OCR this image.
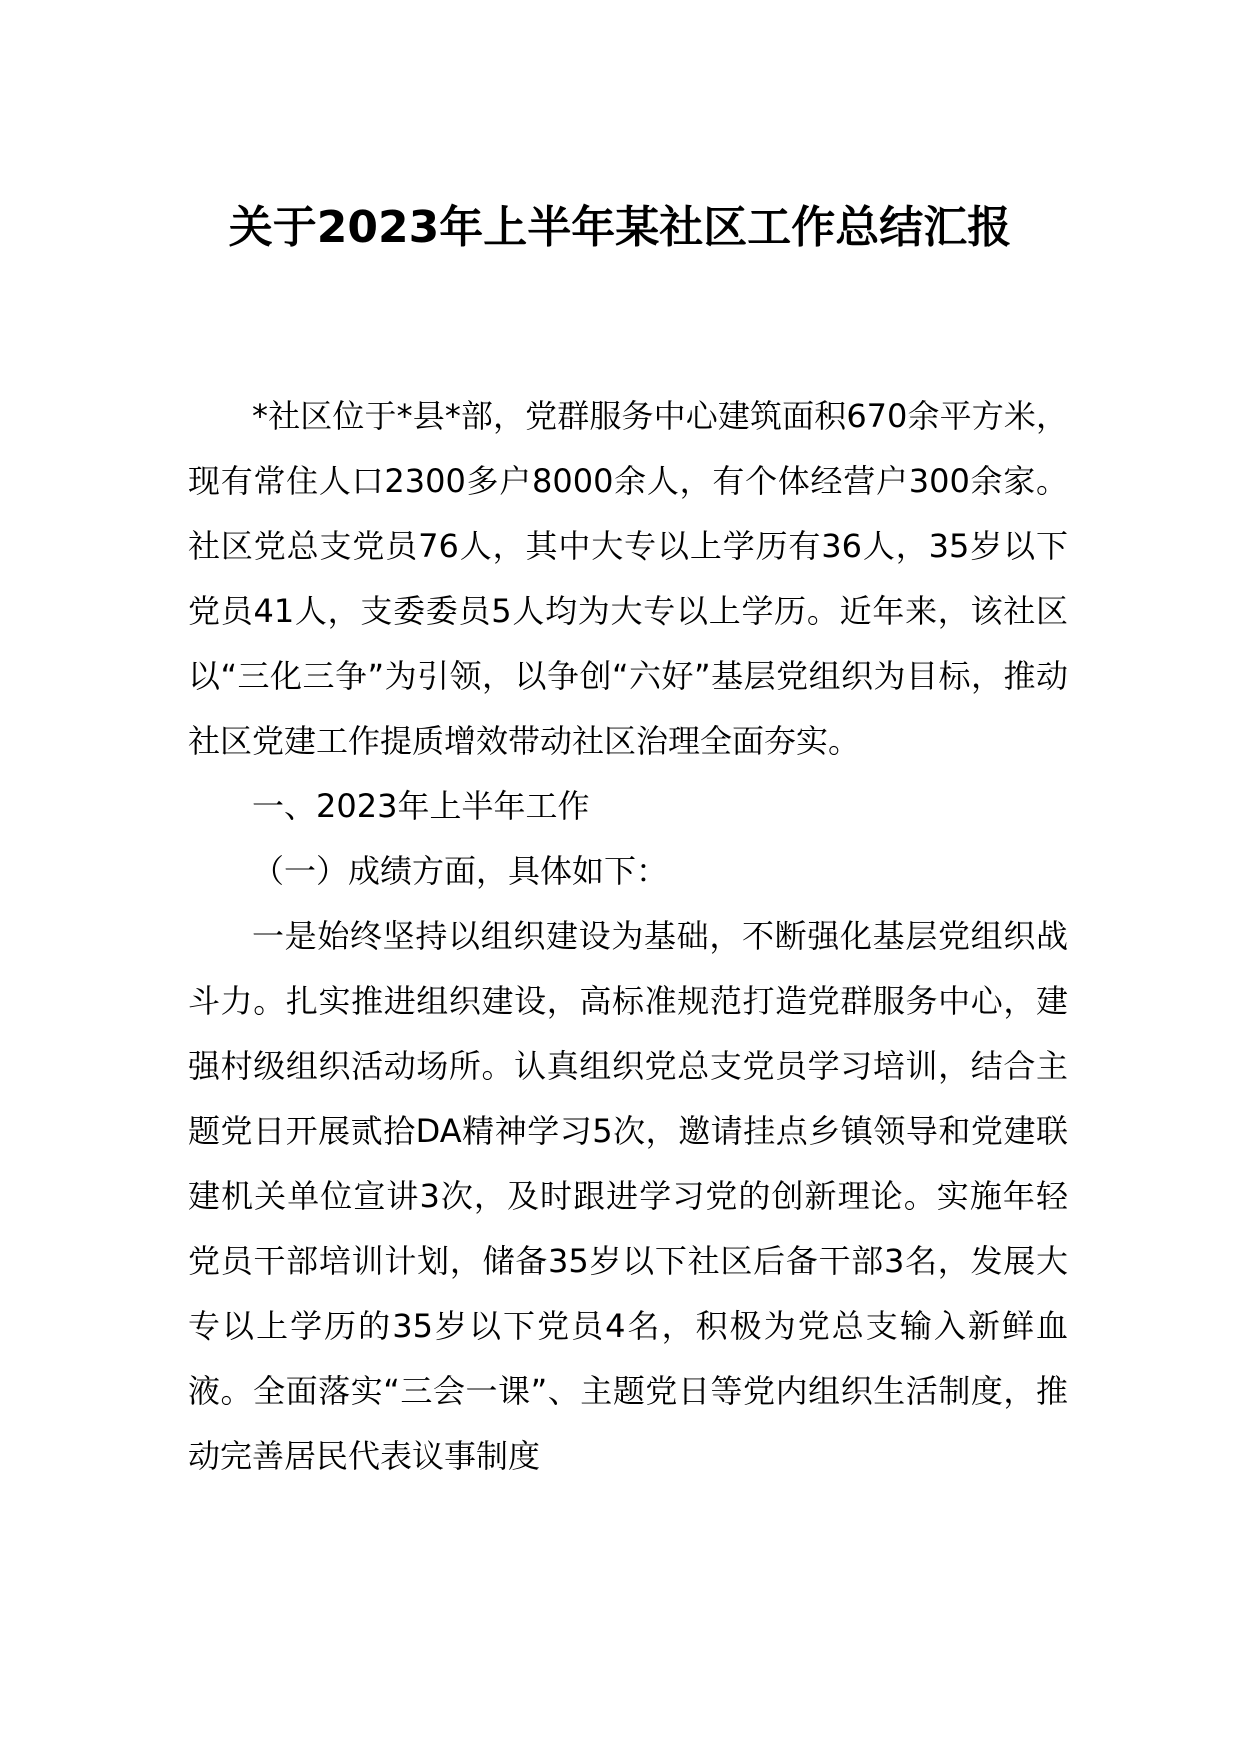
关于2023年上半年某社区工作总结汇报

*社区位于*县*部，党群服务中心建筑面积670余平方米，现有常住人口2300多户8000余人，有个体经营户300余家。社区党总支党员76人，其中大专以上学历有36人，35岁以下党员41人，支委委员5人均为大专以上学历。近年来，该社区以“三化三争”为引领，以争创“六好”基层党组织为目标，推动社区党建工作提质增效带动社区治理全面夯实。

一、2023年上半年工作

（一）成绩方面，具体如下：

一是始终坚持以组织建设为基础，不断强化基层党组织战斗力。扎实推进组织建设，高标准规范打造党群服务中心，建强村级组织活动场所。认真组织党总支党员学习培训，结合主题党日开展贰拾DA精神学习5次，邀请挂点乡镇领导和党建联建机关单位宣讲3次，及时跟进学习党的创新理论。实施年轻党员干部培训计划，储备35岁以下社区后备干部3名，发展大专以上学历的35岁以下党员4名，积极为党总支输入新鲜血液。全面落实“三会一课”、主题党日等党内组织生活制度，推动完善居民代表议事制度
